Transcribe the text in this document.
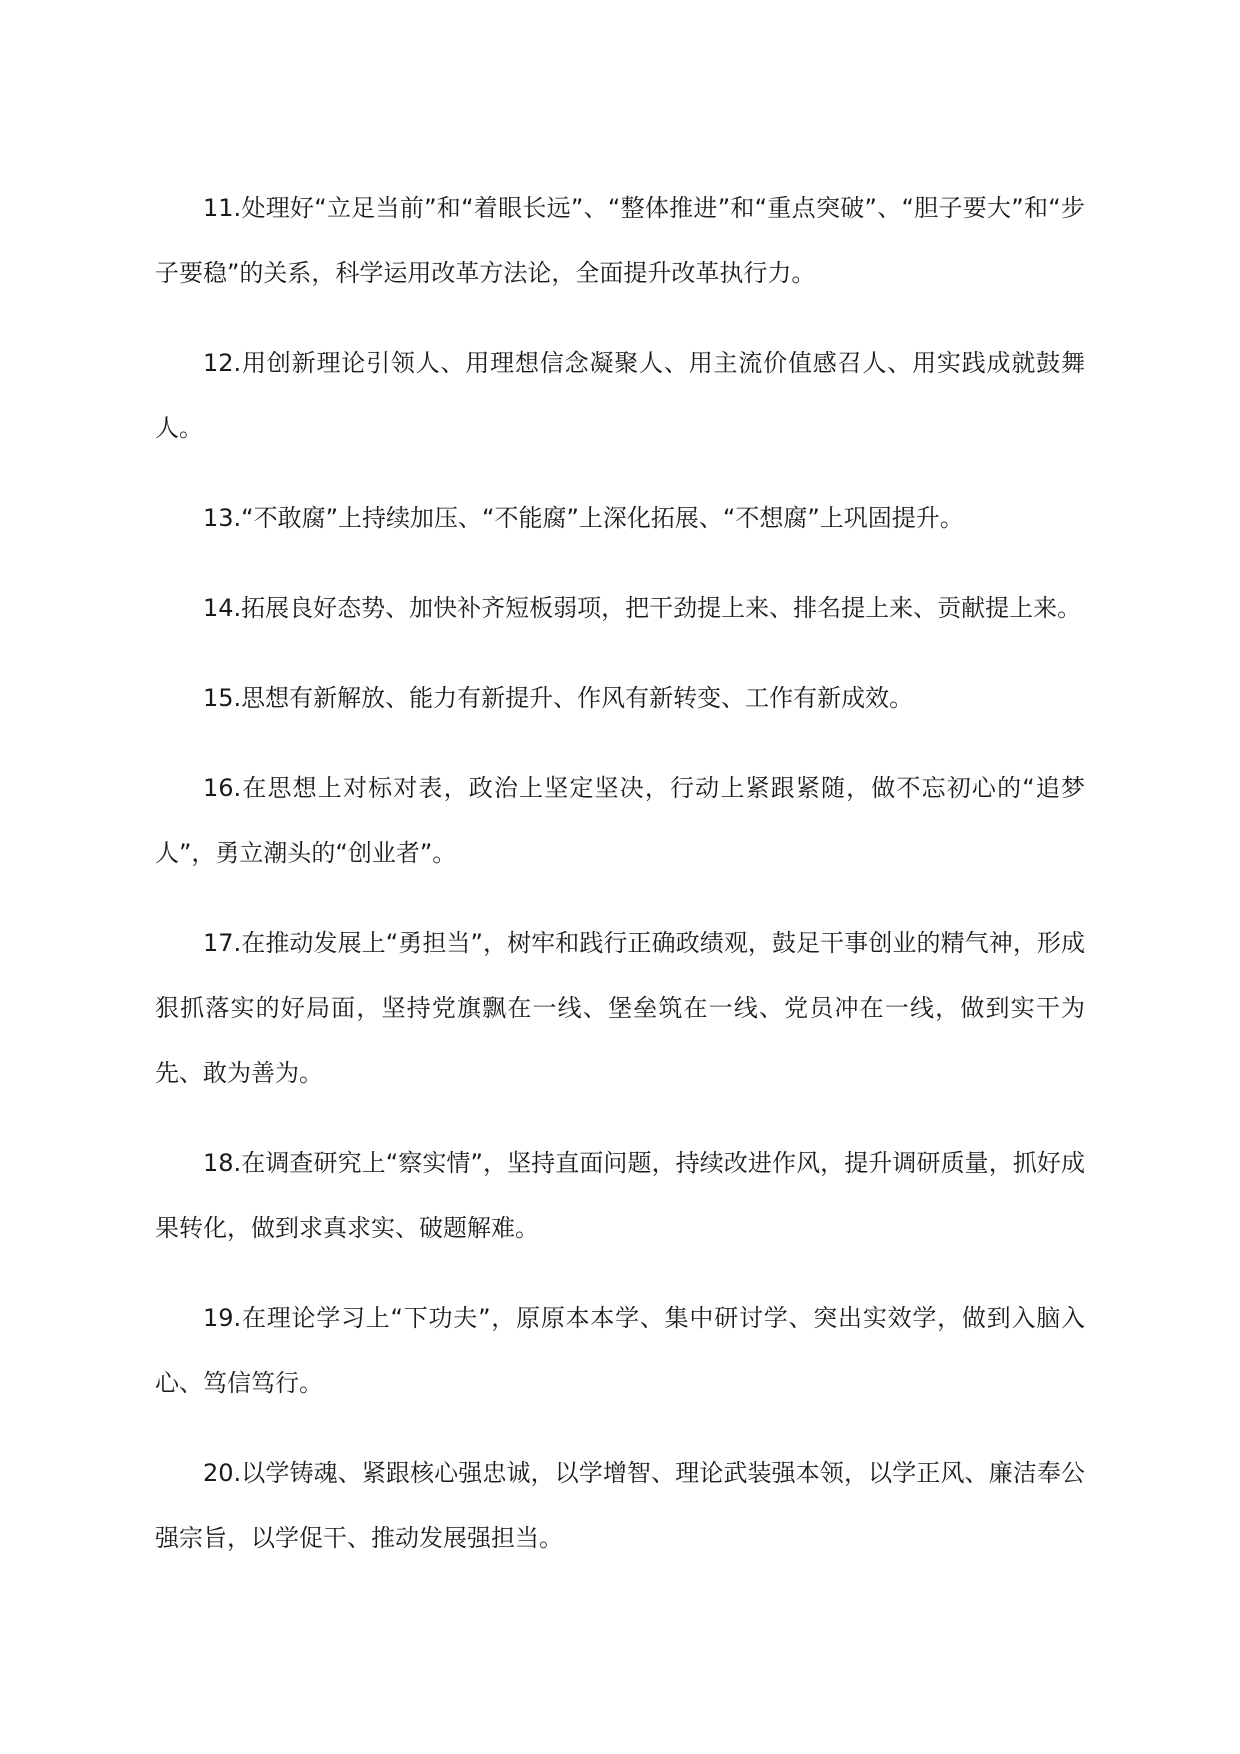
11.处理好“立足当前”和“着眼长远”、“整体推进”和“重点突破”、“胆子要大”和“步子要稳”的关系，科学运用改革方法论，全面提升改革执行力。

12.用创新理论引领人、用理想信念凝聚人、用主流价值感召人、用实践成就鼓舞人。

13.“不敢腐”上持续加压、“不能腐”上深化拓展、“不想腐”上巩固提升。

14.拓展良好态势、加快补齐短板弱项，把干劲提上来、排名提上来、贡献提上来。

15.思想有新解放、能力有新提升、作风有新转变、工作有新成效。

16.在思想上对标对表，政治上坚定坚决，行动上紧跟紧随，做不忘初心的“追梦人”，勇立潮头的“创业者”。

17.在推动发展上“勇担当”，树牢和践行正确政绩观，鼓足干事创业的精气神，形成狠抓落实的好局面，坚持党旗飘在一线、堡垒筑在一线、党员冲在一线，做到实干为先、敢为善为。

18.在调查研究上“察实情”，坚持直面问题，持续改进作风，提升调研质量，抓好成果转化，做到求真求实、破题解难。

19.在理论学习上“下功夫”，原原本本学、集中研讨学、突出实效学，做到入脑入心、笃信笃行。

20.以学铸魂、紧跟核心强忠诚，以学增智、理论武装强本领，以学正风、廉洁奉公强宗旨，以学促干、推动发展强担当。
